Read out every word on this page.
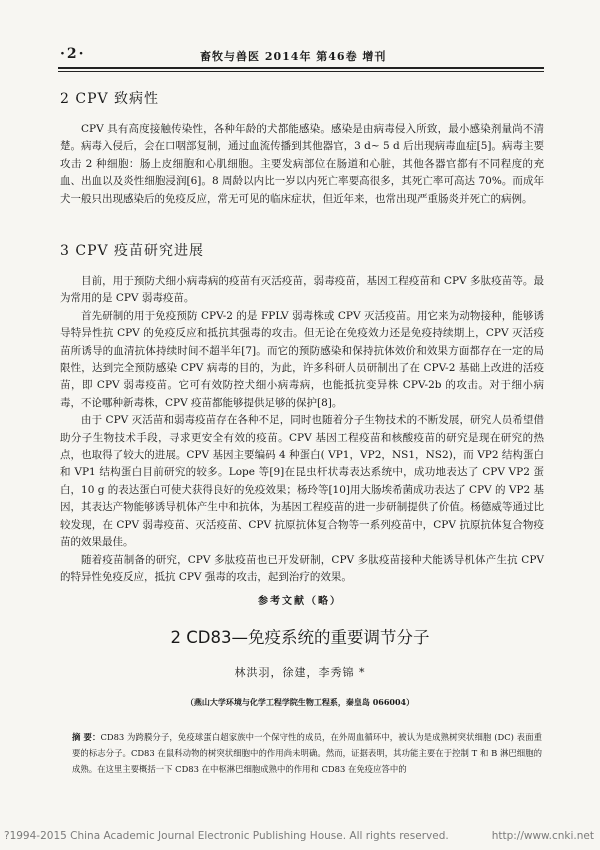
·2·	畜牧与兽医 2014年 第46卷 增刊
2 CPV 致病性

CPV 具有高度接触传染性，各种年龄的犬都能感染。感染是由病毒侵入所致，最小感染剂量尚不清楚。病毒入侵后，会在口咽部复制，通过血流传播到其他器官，3 d~ 5 d 后出现病毒血症[5]。病毒主要攻击 2 种细胞：肠上皮细胞和心肌细胞。主要发病部位在肠道和心脏，其他各器官都有不同程度的充血、出血以及炎性细胞浸润[6]。8 周龄以内比一岁以内死亡率要高很多，其死亡率可高达 70%。而成年犬一般只出现感染后的免疫反应，常无可见的临床症状，但近年来，也常出现严重肠炎并死亡的病例。

3 CPV 疫苗研究进展

目前，用于预防犬细小病毒病的疫苗有灭活疫苗，弱毒疫苗，基因工程疫苗和 CPV 多肽疫苗等。最为常用的是 CPV 弱毒疫苗。

首先研制的用于免疫预防 CPV-2 的是 FPLV 弱毒株或 CPV 灭活疫苗。用它来为动物接种，能够诱导特异性抗 CPV 的免疫反应和抵抗其强毒的攻击。但无论在免疫效力还是免疫持续期上，CPV 灭活疫苗所诱导的血清抗体持续时间不超半年[7]。而它的预防感染和保持抗体效价和效果方面都存在一定的局限性，达到完全预防感染 CPV 病毒的目的，为此，许多科研人员研制出了在 CPV-2 基础上改进的活疫苗，即 CPV 弱毒疫苗。它可有效防控犬细小病毒病，也能抵抗变异株 CPV-2b 的攻击。对于细小病毒，不论哪种新毒株，CPV 疫苗都能够提供足够的保护[8]。

由于 CPV 灭活苗和弱毒疫苗存在各种不足，同时也随着分子生物技术的不断发展，研究人员希望借助分子生物技术手段，寻求更安全有效的疫苗。CPV 基因工程疫苗和核酸疫苗的研究是现在研究的热点，也取得了较大的进展。CPV 基因主要编码 4 种蛋白( VP1，VP2，NS1，NS2)，而 VP2 结构蛋白和 VP1 结构蛋白目前研究的较多。Lope 等[9]在昆虫杆状毒表达系统中，成功地表达了 CPV VP2 蛋白，10 g 的表达蛋白可使犬获得良好的免疫效果；杨玲等[10]用大肠埃希菌成功表达了 CPV 的 VP2 基因，其表达产物能够诱导机体产生中和抗体，为基因工程疫苗的进一步研制提供了价值。杨德威等通过比较发现，在 CPV 弱毒疫苗、灭活疫苗、CPV 抗原抗体复合物等一系列疫苗中，CPV 抗原抗体复合物疫苗的效果最佳。

随着疫苗制备的研究，CPV 多肽疫苗也已开发研制，CPV 多肽疫苗接种犬能诱导机体产生抗 CPV 的特异性免疫反应，抵抗 CPV 强毒的攻击，起到治疗的效果。

参考文献（略）
2 CD83—免疫系统的重要调节分子
林洪羽，徐建，李秀锦 *
（燕山大学环境与化学工程学院生物工程系，秦皇岛 066004）

摘 要：CD83 为跨膜分子，免疫球蛋白超家族中一个保守性的成员，在外周血循环中，被认为是成熟树突状细胞 (DC) 表面重要的标志分子。CD83 在鼠科动物的树突状细胞中的作用尚未明确。然而，证据表明，其功能主要在于控制 T 和 B 淋巴细胞的成熟。在这里主要概括一下 CD83 在中枢淋巴细胞成熟中的作用和 CD83 在免疫应答中的

?1994-2015 China Academic Journal Electronic Publishing House. All rights reserved.	http://www.cnki.net
